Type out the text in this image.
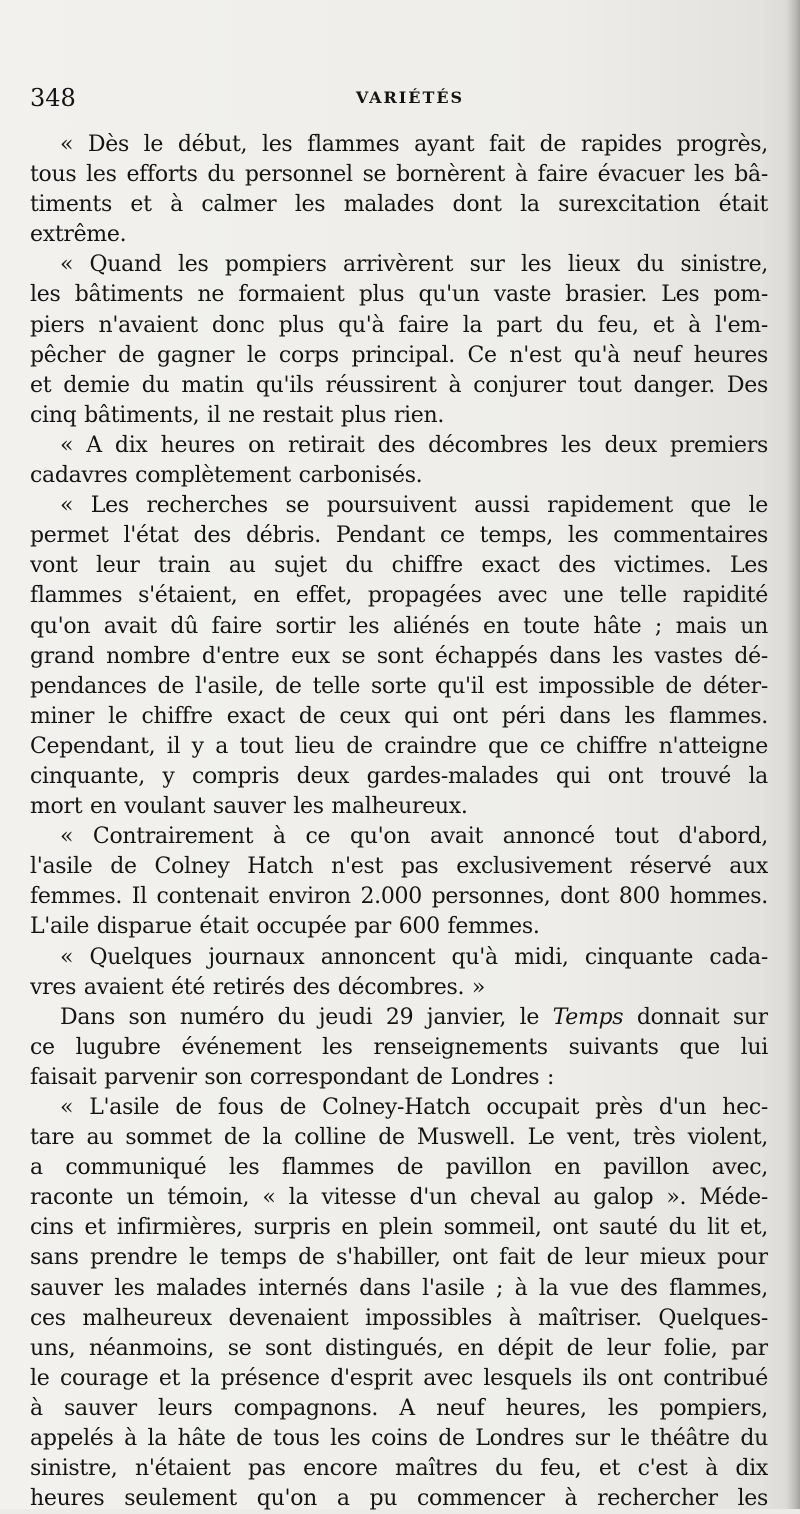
348	VARIÉTÉS
« Dès le début, les flammes ayant fait de rapides progrès,
tous les efforts du personnel se bornèrent à faire évacuer les bâ-
timents et à calmer les malades dont la surexcitation était
extrême.
« Quand les pompiers arrivèrent sur les lieux du sinistre,
les bâtiments ne formaient plus qu'un vaste brasier. Les pom-
piers n'avaient donc plus qu'à faire la part du feu, et à l'em-
pêcher de gagner le corps principal. Ce n'est qu'à neuf heures
et demie du matin qu'ils réussirent à conjurer tout danger. Des
cinq bâtiments, il ne restait plus rien.
« A dix heures on retirait des décombres les deux premiers
cadavres complètement carbonisés.
« Les recherches se poursuivent aussi rapidement que le
permet l'état des débris. Pendant ce temps, les commentaires
vont leur train au sujet du chiffre exact des victimes. Les
flammes s'étaient, en effet, propagées avec une telle rapidité
qu'on avait dû faire sortir les aliénés en toute hâte ; mais un
grand nombre d'entre eux se sont échappés dans les vastes dé-
pendances de l'asile, de telle sorte qu'il est impossible de déter-
miner le chiffre exact de ceux qui ont péri dans les flammes.
Cependant, il y a tout lieu de craindre que ce chiffre n'atteigne
cinquante, y compris deux gardes-malades qui ont trouvé la
mort en voulant sauver les malheureux.
« Contrairement à ce qu'on avait annoncé tout d'abord,
l'asile de Colney Hatch n'est pas exclusivement réservé aux
femmes. Il contenait environ 2.000 personnes, dont 800 hommes.
L'aile disparue était occupée par 600 femmes.
« Quelques journaux annoncent qu'à midi, cinquante cada-
vres avaient été retirés des décombres. »
Dans son numéro du jeudi 29 janvier, le Temps donnait sur
ce lugubre événement les renseignements suivants que lui
faisait parvenir son correspondant de Londres :
« L'asile de fous de Colney-Hatch occupait près d'un hec-
tare au sommet de la colline de Muswell. Le vent, très violent,
a communiqué les flammes de pavillon en pavillon avec,
raconte un témoin, « la vitesse d'un cheval au galop ». Méde-
cins et infirmières, surpris en plein sommeil, ont sauté du lit et,
sans prendre le temps de s'habiller, ont fait de leur mieux pour
sauver les malades internés dans l'asile ; à la vue des flammes,
ces malheureux devenaient impossibles à maîtriser. Quelques-
uns, néanmoins, se sont distingués, en dépit de leur folie, par
le courage et la présence d'esprit avec lesquels ils ont contribué
à sauver leurs compagnons. A neuf heures, les pompiers,
appelés à la hâte de tous les coins de Londres sur le théâtre du
sinistre, n'étaient pas encore maîtres du feu, et c'est à dix
heures seulement qu'on a pu commencer à rechercher les
